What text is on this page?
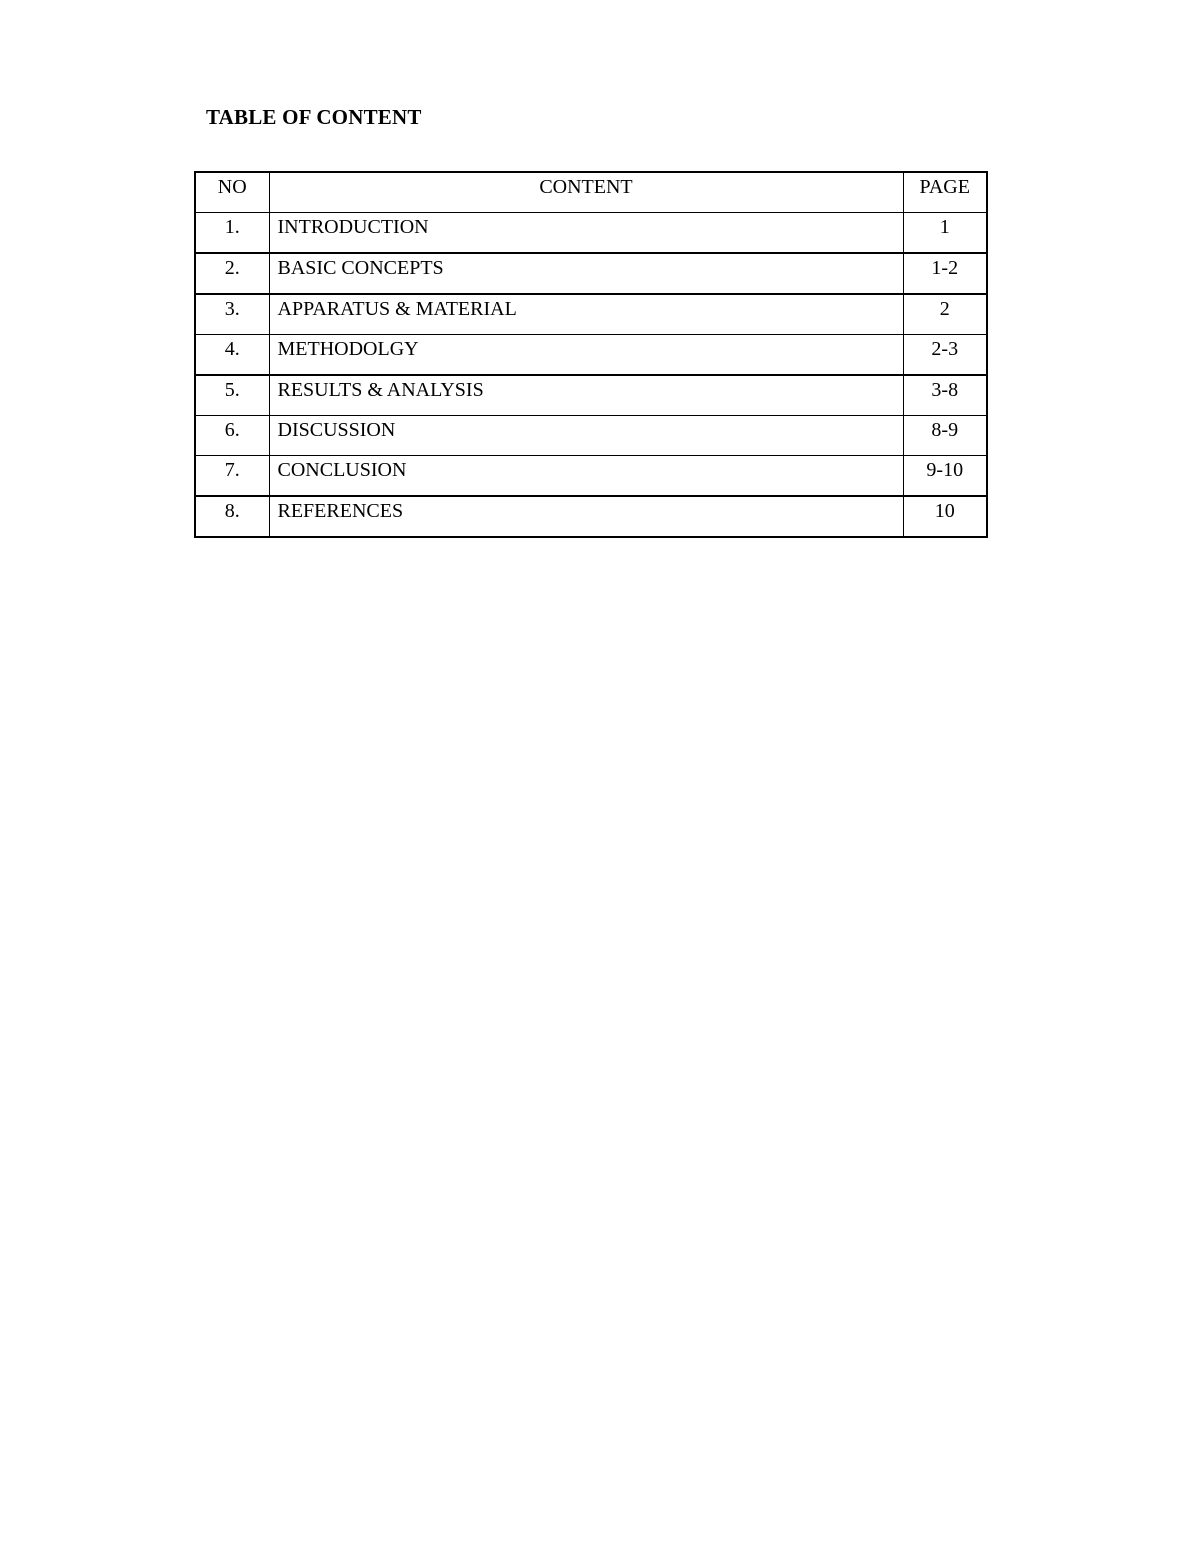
TABLE OF CONTENT
NO	CONTENT	PAGE
1.	INTRODUCTION	1
2.	BASIC CONCEPTS	1-2
3.	APPARATUS & MATERIAL	2
4.	METHODOLGY	2-3
5.	RESULTS & ANALYSIS	3-8
6.	DISCUSSION	8-9
7.	CONCLUSION	9-10
8.	REFERENCES	10
